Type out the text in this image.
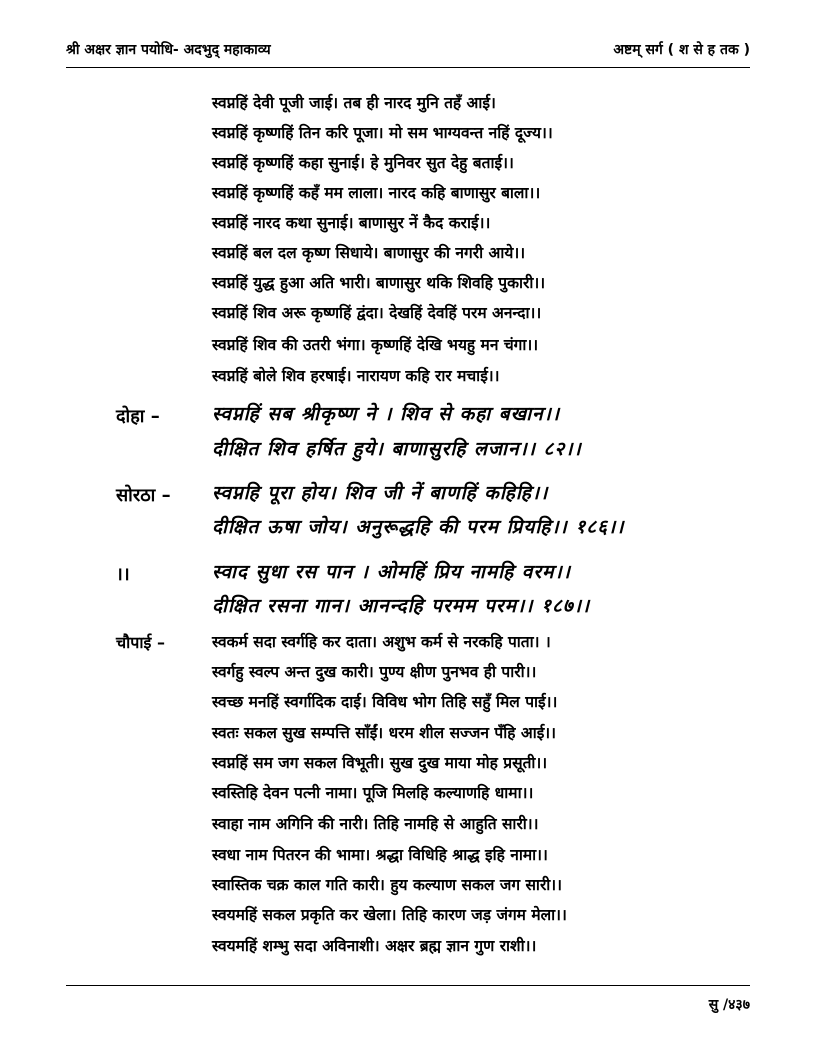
श्री अक्षर ज्ञान पयोधि- अदभुद् महाकाव्य	अष्टम् सर्ग ( श से ह तक )
स्वप्नहिं देवी पूजी जाई। तब ही नारद मुनि तहँ आई।
स्वप्नहिं कृष्णहिं तिन करि पूजा। मो सम भाग्यवन्त नहिं दूज्य।।
स्वप्नहिं कृष्णहिं कहा सुनाई। हे मुनिवर सुत देहु बताई।।
स्वप्नहिं कृष्णहिं कहँ मम लाला। नारद कहि बाणासुर बाला।।
स्वप्नहिं नारद कथा सुनाई। बाणासुर नें कैद कराई।।
स्वप्नहिं बल दल कृष्ण सिधाये। बाणासुर की नगरी आये।।
स्वप्नहिं युद्ध हुआ अति भारी। बाणासुर थकि शिवहि पुकारी।।
स्वप्नहिं शिव अरू कृष्णहिं द्वंदा। देखहिं देवहिं परम अनन्दा।।
स्वप्नहिं शिव की उतरी भंगा। कृष्णहिं देखि भयहु मन चंगा।।
स्वप्नहिं बोले शिव हरषाई। नारायण कहि रार मचाई।।
दोहा –	स्वप्नहिं सब श्रीकृष्ण ने । शिव से कहा बखान।।
दीक्षित शिव हर्षित हुये। बाणासुरहि लजान।। ८२।।
सोरठा – स्वप्नहि पूरा होय। शिव जी नें बाणहिं कहिहि।।
दीक्षित ऊषा जोय। अनुरूद्धहि की परम प्रियहि।। १८६।।
।।	स्वाद सुधा रस पान । ओमहिं प्रिय नामहि वरम।।
दीक्षित रसना गान। आनन्दहि परमम परम।। १८७।।
चौपाई –	स्वकर्म सदा स्वर्गहि कर दाता। अशुभ कर्म से नरकहि पाता। ।
स्वर्गहु स्वल्प अन्त दुख कारी। पुण्य क्षीण पुनभव ही पारी।।
स्वच्छ मनहिं स्वर्गादिक दाई। विविध भोग तिहि सहुँ मिल पाई।।
स्वतः सकल सुख सम्पत्ति साँईं। धरम शील सज्जन पँहि आई।।
स्वप्नहिं सम जग सकल विभूती। सुख दुख माया मोह प्रसूती।।
स्वस्तिहि देवन पत्नी नामा। पूजि मिलहि कल्याणहि धामा।।
स्वाहा नाम अगिनि की नारी। तिहि नामहि से आहुति सारी।।
स्वधा नाम पितरन की भामा। श्रद्धा विधिहि श्राद्ध इहि नामा।।
स्वास्तिक चक्र काल गति कारी। हुय कल्याण सकल जग सारी।।
स्वयमहिं सकल प्रकृति कर खेला। तिहि कारण जड़ जंगम मेला।।
स्वयमहिं शम्भु सदा अविनाशी। अक्षर ब्रह्म ज्ञान गुण राशी।।
सु /४३७
